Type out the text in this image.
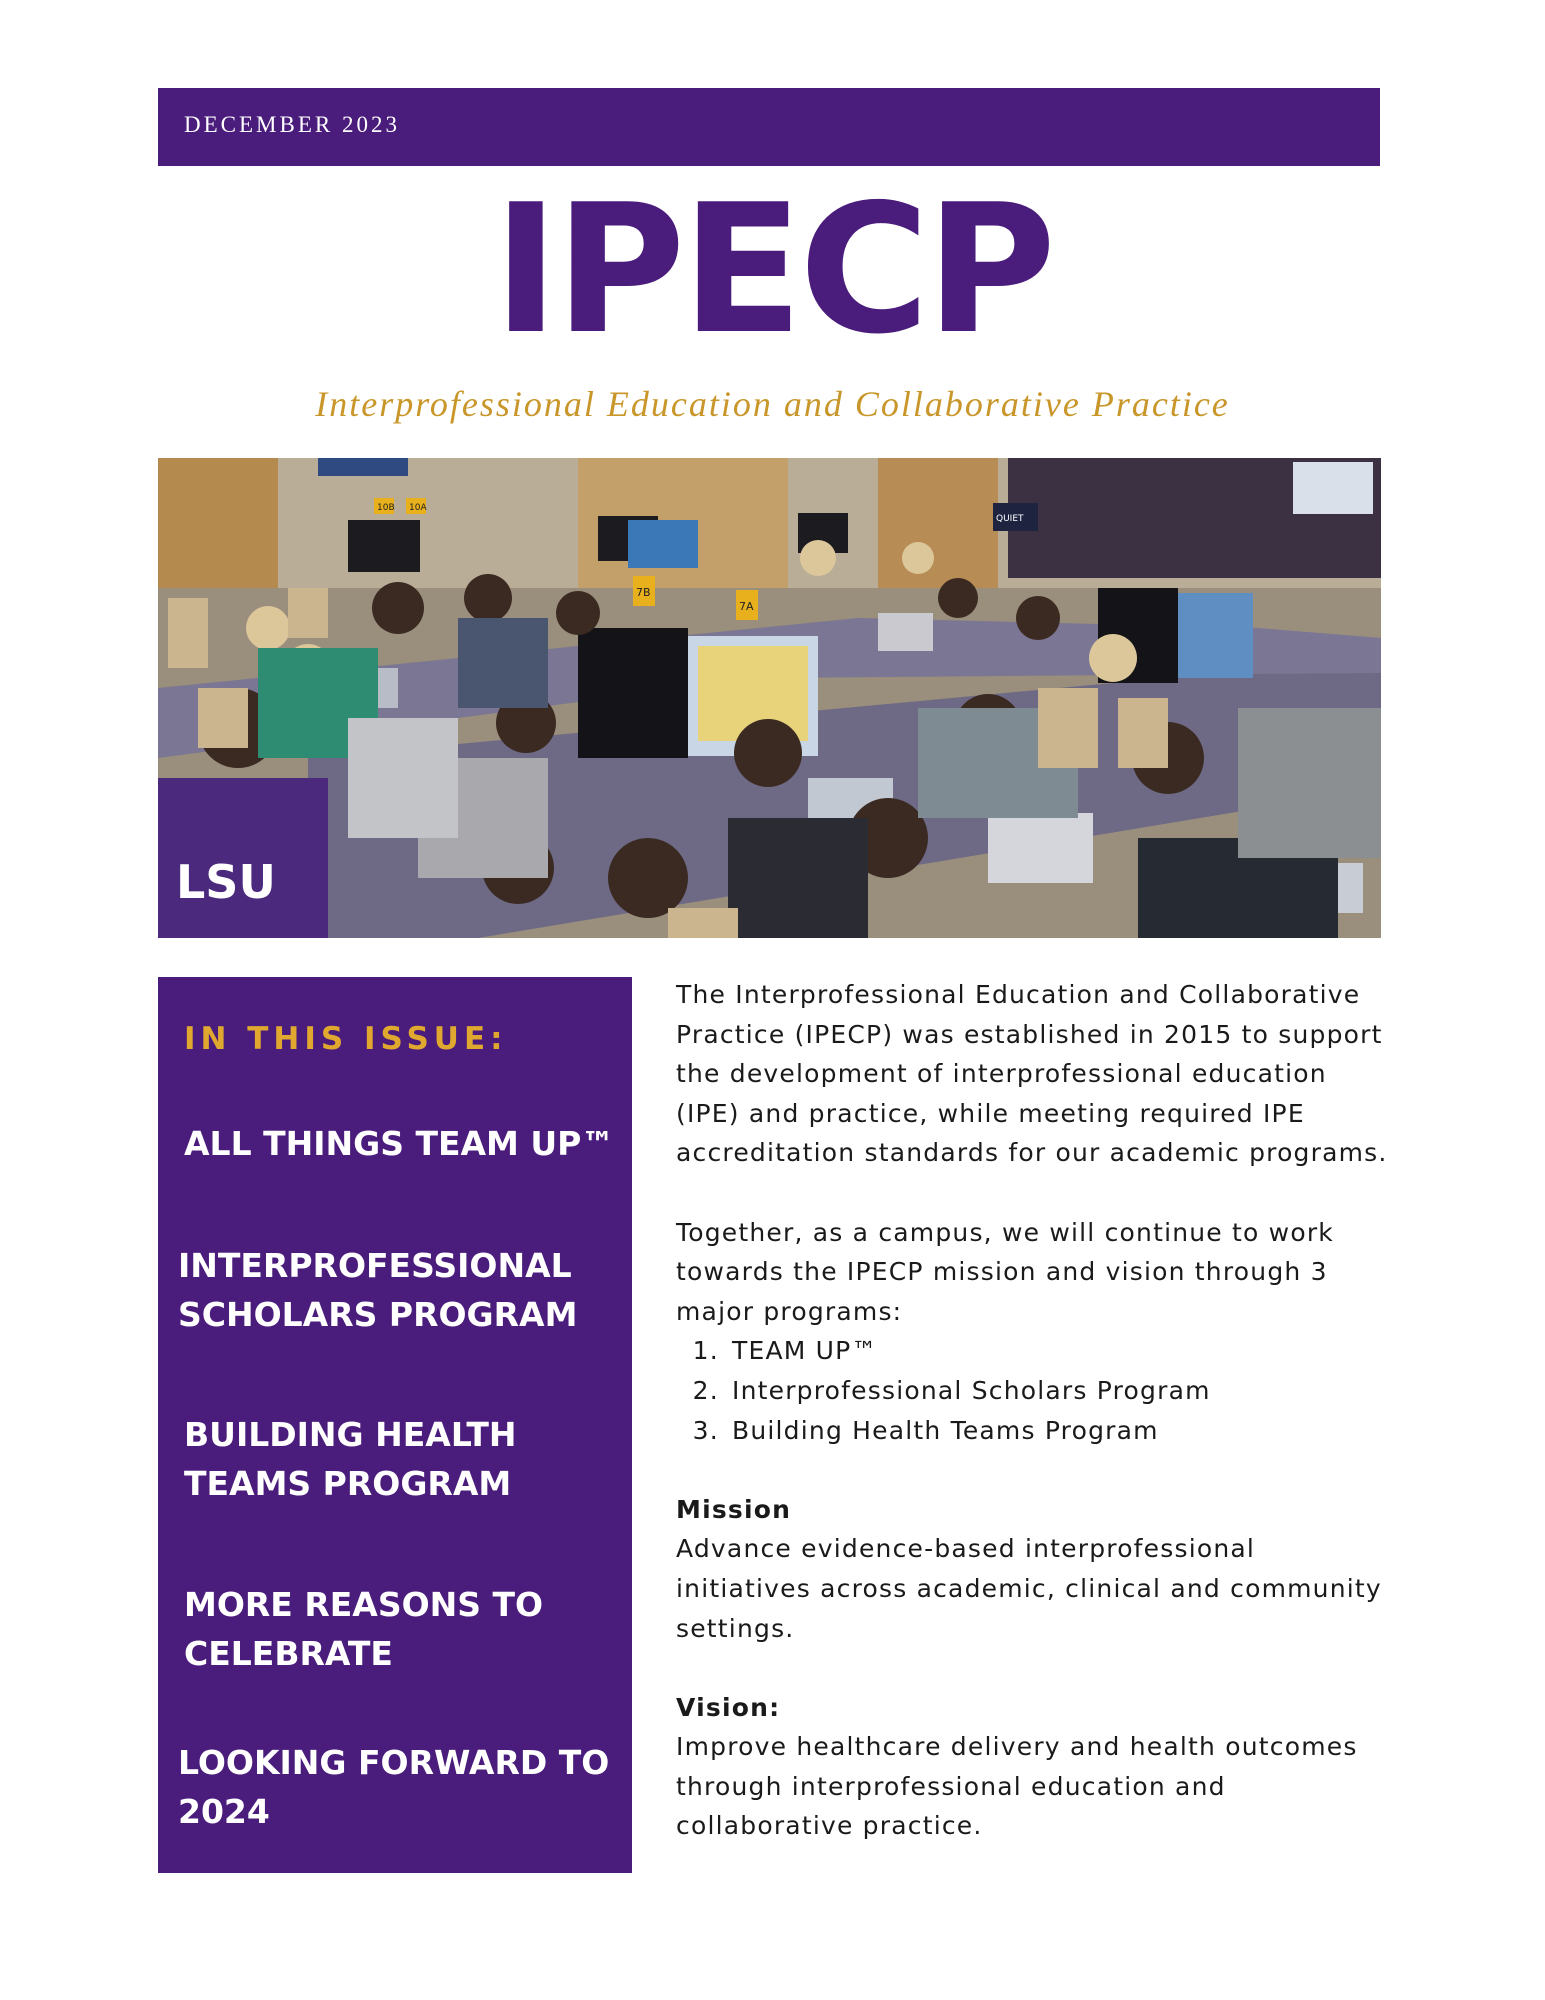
DECEMBER 2023
IPECP
Interprofessional Education and Collaborative Practice
10B 10A
7B
7A
QUIET
LSU
IN THIS ISSUE:
ALL THINGS TEAM UP™
INTERPROFESSIONAL
SCHOLARS PROGRAM
BUILDING HEALTH
TEAMS PROGRAM
MORE REASONS TO
CELEBRATE
LOOKING FORWARD TO
2024

The Interprofessional Education and Collaborative Practice (IPECP) was established in 2015 to support the development of interprofessional education (IPE) and practice, while meeting required IPE accreditation standards for our academic programs.

Together, as a campus, we will continue to work towards the IPECP mission and vision through 3 major programs:

1. TEAM UP™
2. Interprofessional Scholars Program
3. Building Health Teams Program

Mission

Advance evidence-based interprofessional initiatives across academic, clinical and community settings.

Vision:

Improve healthcare delivery and health outcomes through interprofessional education and collaborative practice.
